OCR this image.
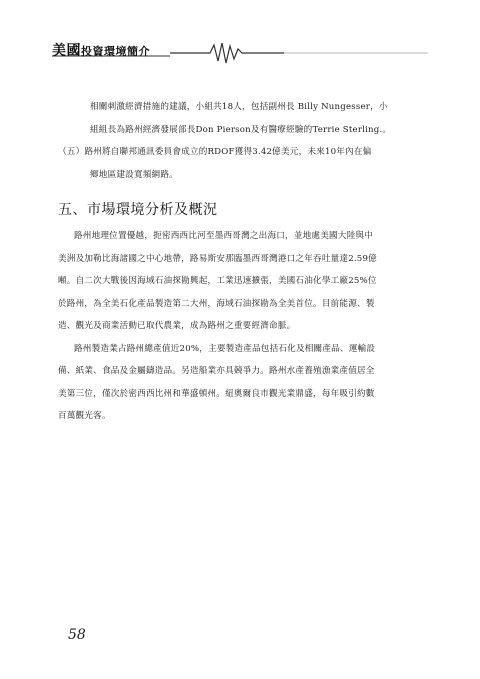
美國投資環境簡介
相關刺激經濟措施的建議，小組共18人，包括副州長 Billy Nungesser，小
組組長為路州經濟發展部長Don Pierson及有醫療經驗的Terrie Sterling.。
（五）路州將自聯邦通訊委員會成立的RDOF獲得3.42億美元，未來10年內在偏
鄉地區建設寬頻網路。
五、市場環境分析及概況
路州地理位置優越，扼密西西比河至墨西哥灣之出海口，並地處美國大陸與中
美洲及加勒比海諸國之中心地帶，路易斯安那臨墨西哥灣港口之年吞吐量達2.59億
噸。自二次大戰後因海域石油探勘興起，工業迅速擴張，美國石油化學工廠25%位
於路州，為全美石化產品製造第二大州，海域石油探勘為全美首位。目前能源、製
造、觀光及商業活動已取代農業，成為路州之重要經濟命脈。
路州製造業占路州總產值近20%，主要製造產品包括石化及相關產品、運輸設
備、紙業、食品及金屬鑄造品。另造船業亦具競爭力。路州水產養殖漁業產值居全
美第三位，僅次於密西西比州和華盛頓州。紐奧爾良市觀光業鼎盛，每年吸引約數
百萬觀光客。
58
